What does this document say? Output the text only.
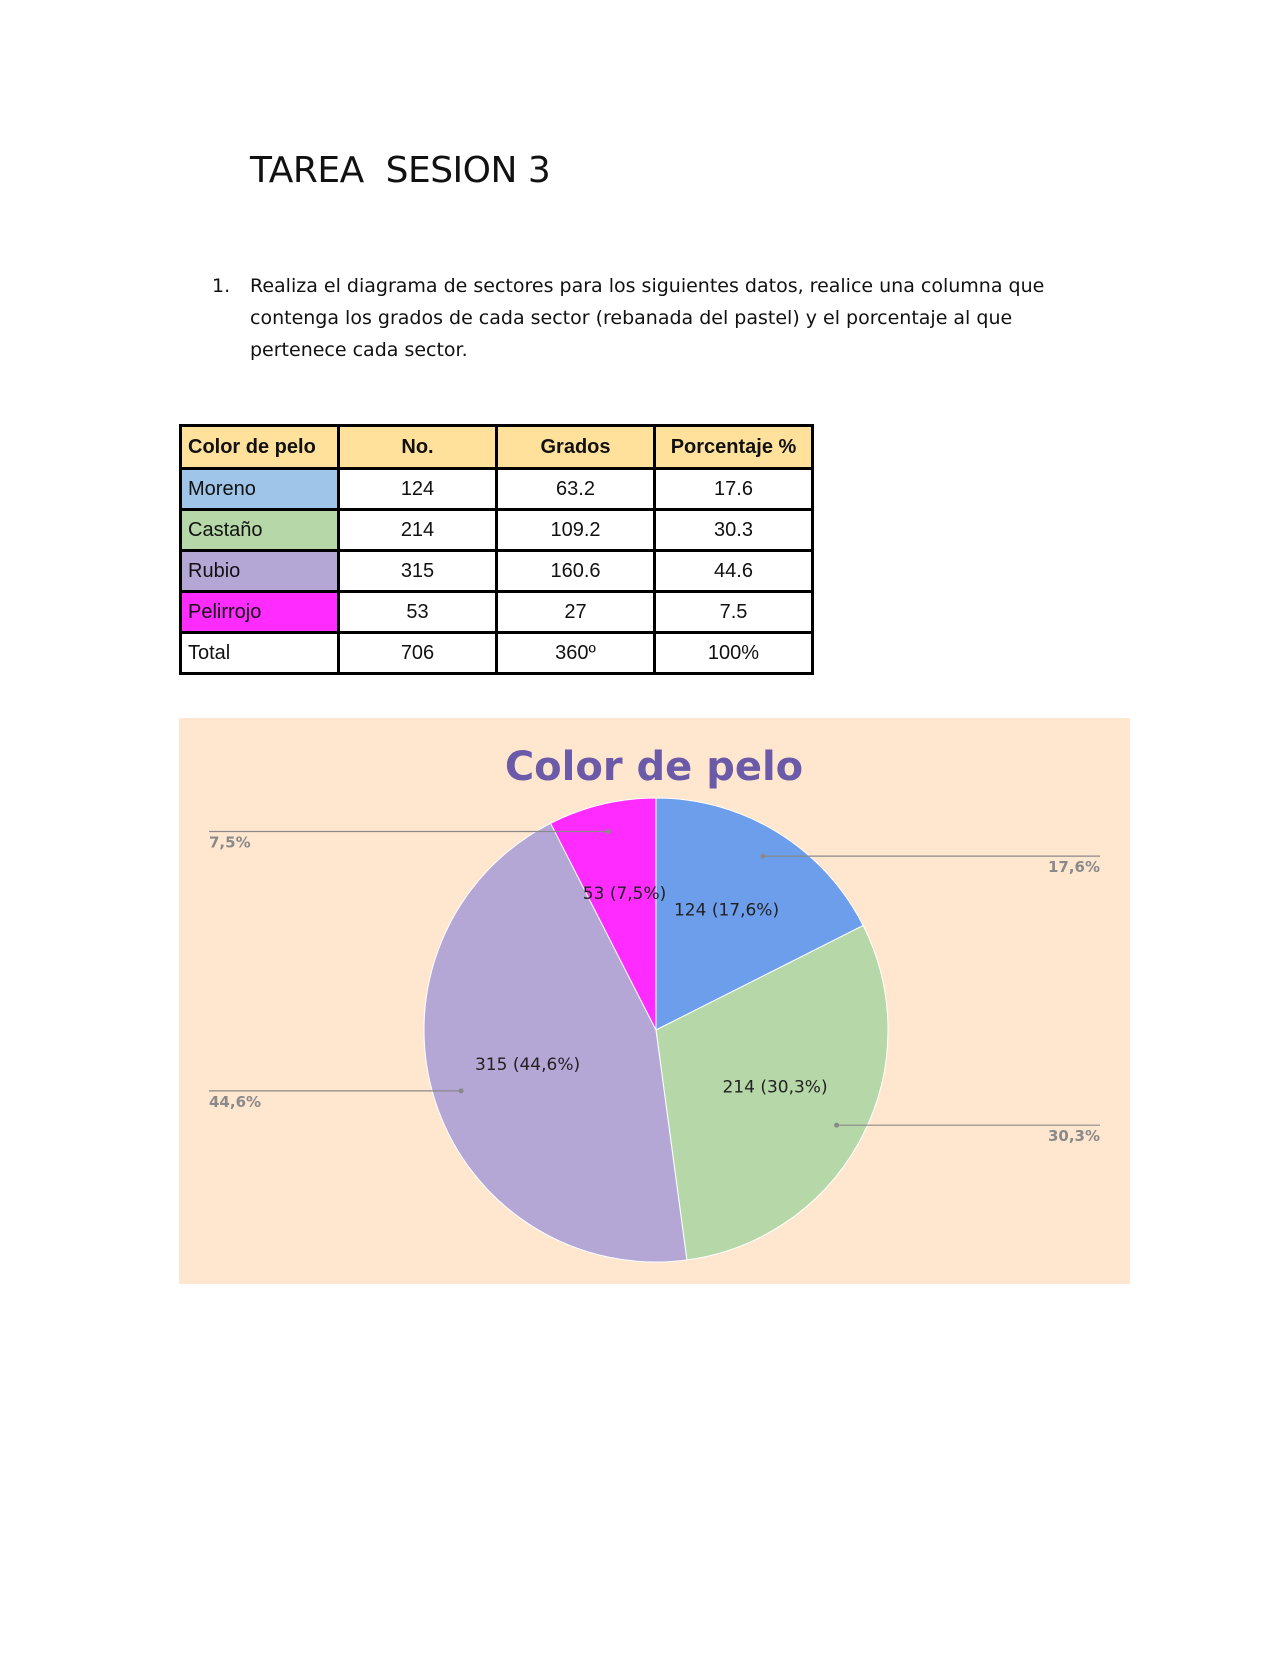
TAREA  SESION 3
1.	Realiza el diagrama de sectores para los siguientes datos, realice una columna que contenga los grados de cada sector (rebanada del pastel) y el porcentaje al que pertenece cada sector.
Color de pelo	No.	Grados	Porcentaje %
Moreno	124	63.2	17.6
Castaño	214	109.2	30.3
Rubio	315	160.6	44.6
Pelirrojo	53	27	7.5
Total	706	360º	100%
Color de pelo
124 (17,6%)
17,6%
214 (30,3%)
30,3%
315 (44,6%)
44,6%
53 (7,5%)
7,5%
